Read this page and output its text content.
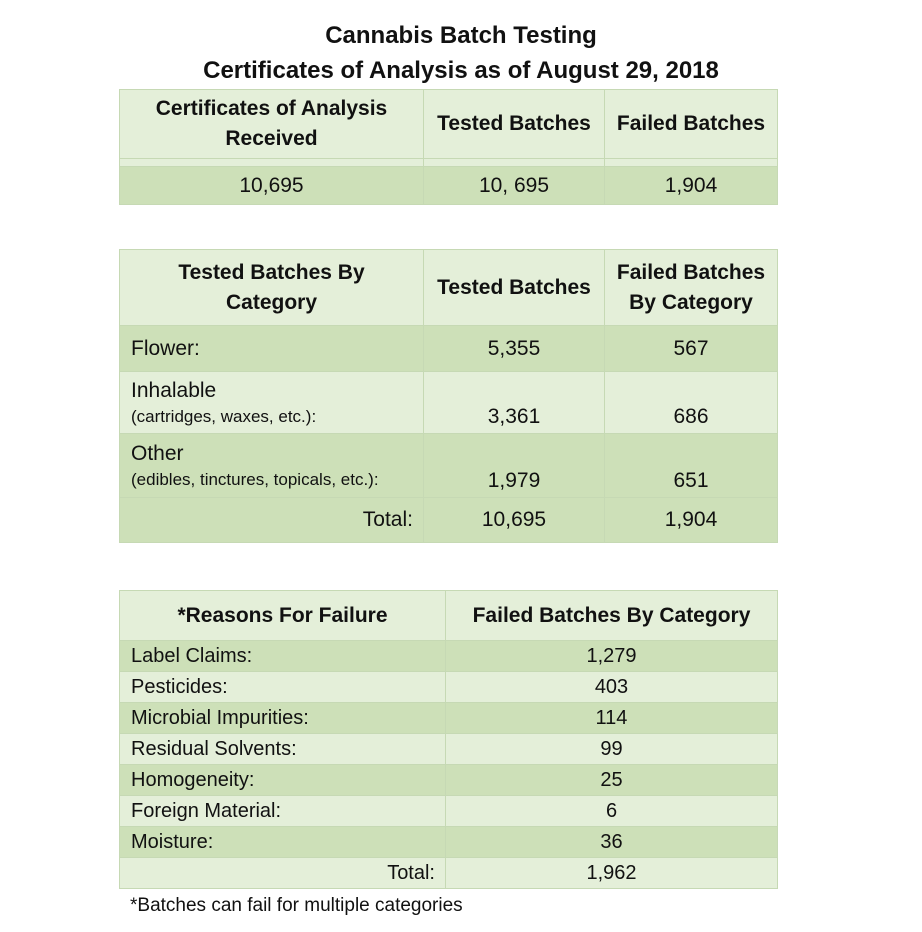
Cannabis Batch Testing
Certificates of Analysis as of August 29, 2018
Certificates of Analysis Received	Tested Batches	Failed Batches

10,695	10, 695	1,904
Tested Batches By Category	Tested Batches	Failed Batches By Category

Flower:	5,355	567

Inhalable
(cartridges, waxes, etc.):	3,361	686

Other
(edibles, tinctures, topicals, etc.):	1,979	651
Total:	10,695	1,904
*Reasons For Failure	Failed Batches By Category
Label Claims:	1,279
Pesticides:	403
Microbial Impurities:	114
Residual Solvents:	99
Homogeneity:	25
Foreign Material:	6
Moisture:	36
Total:	1,962
*Batches can fail for multiple categories
